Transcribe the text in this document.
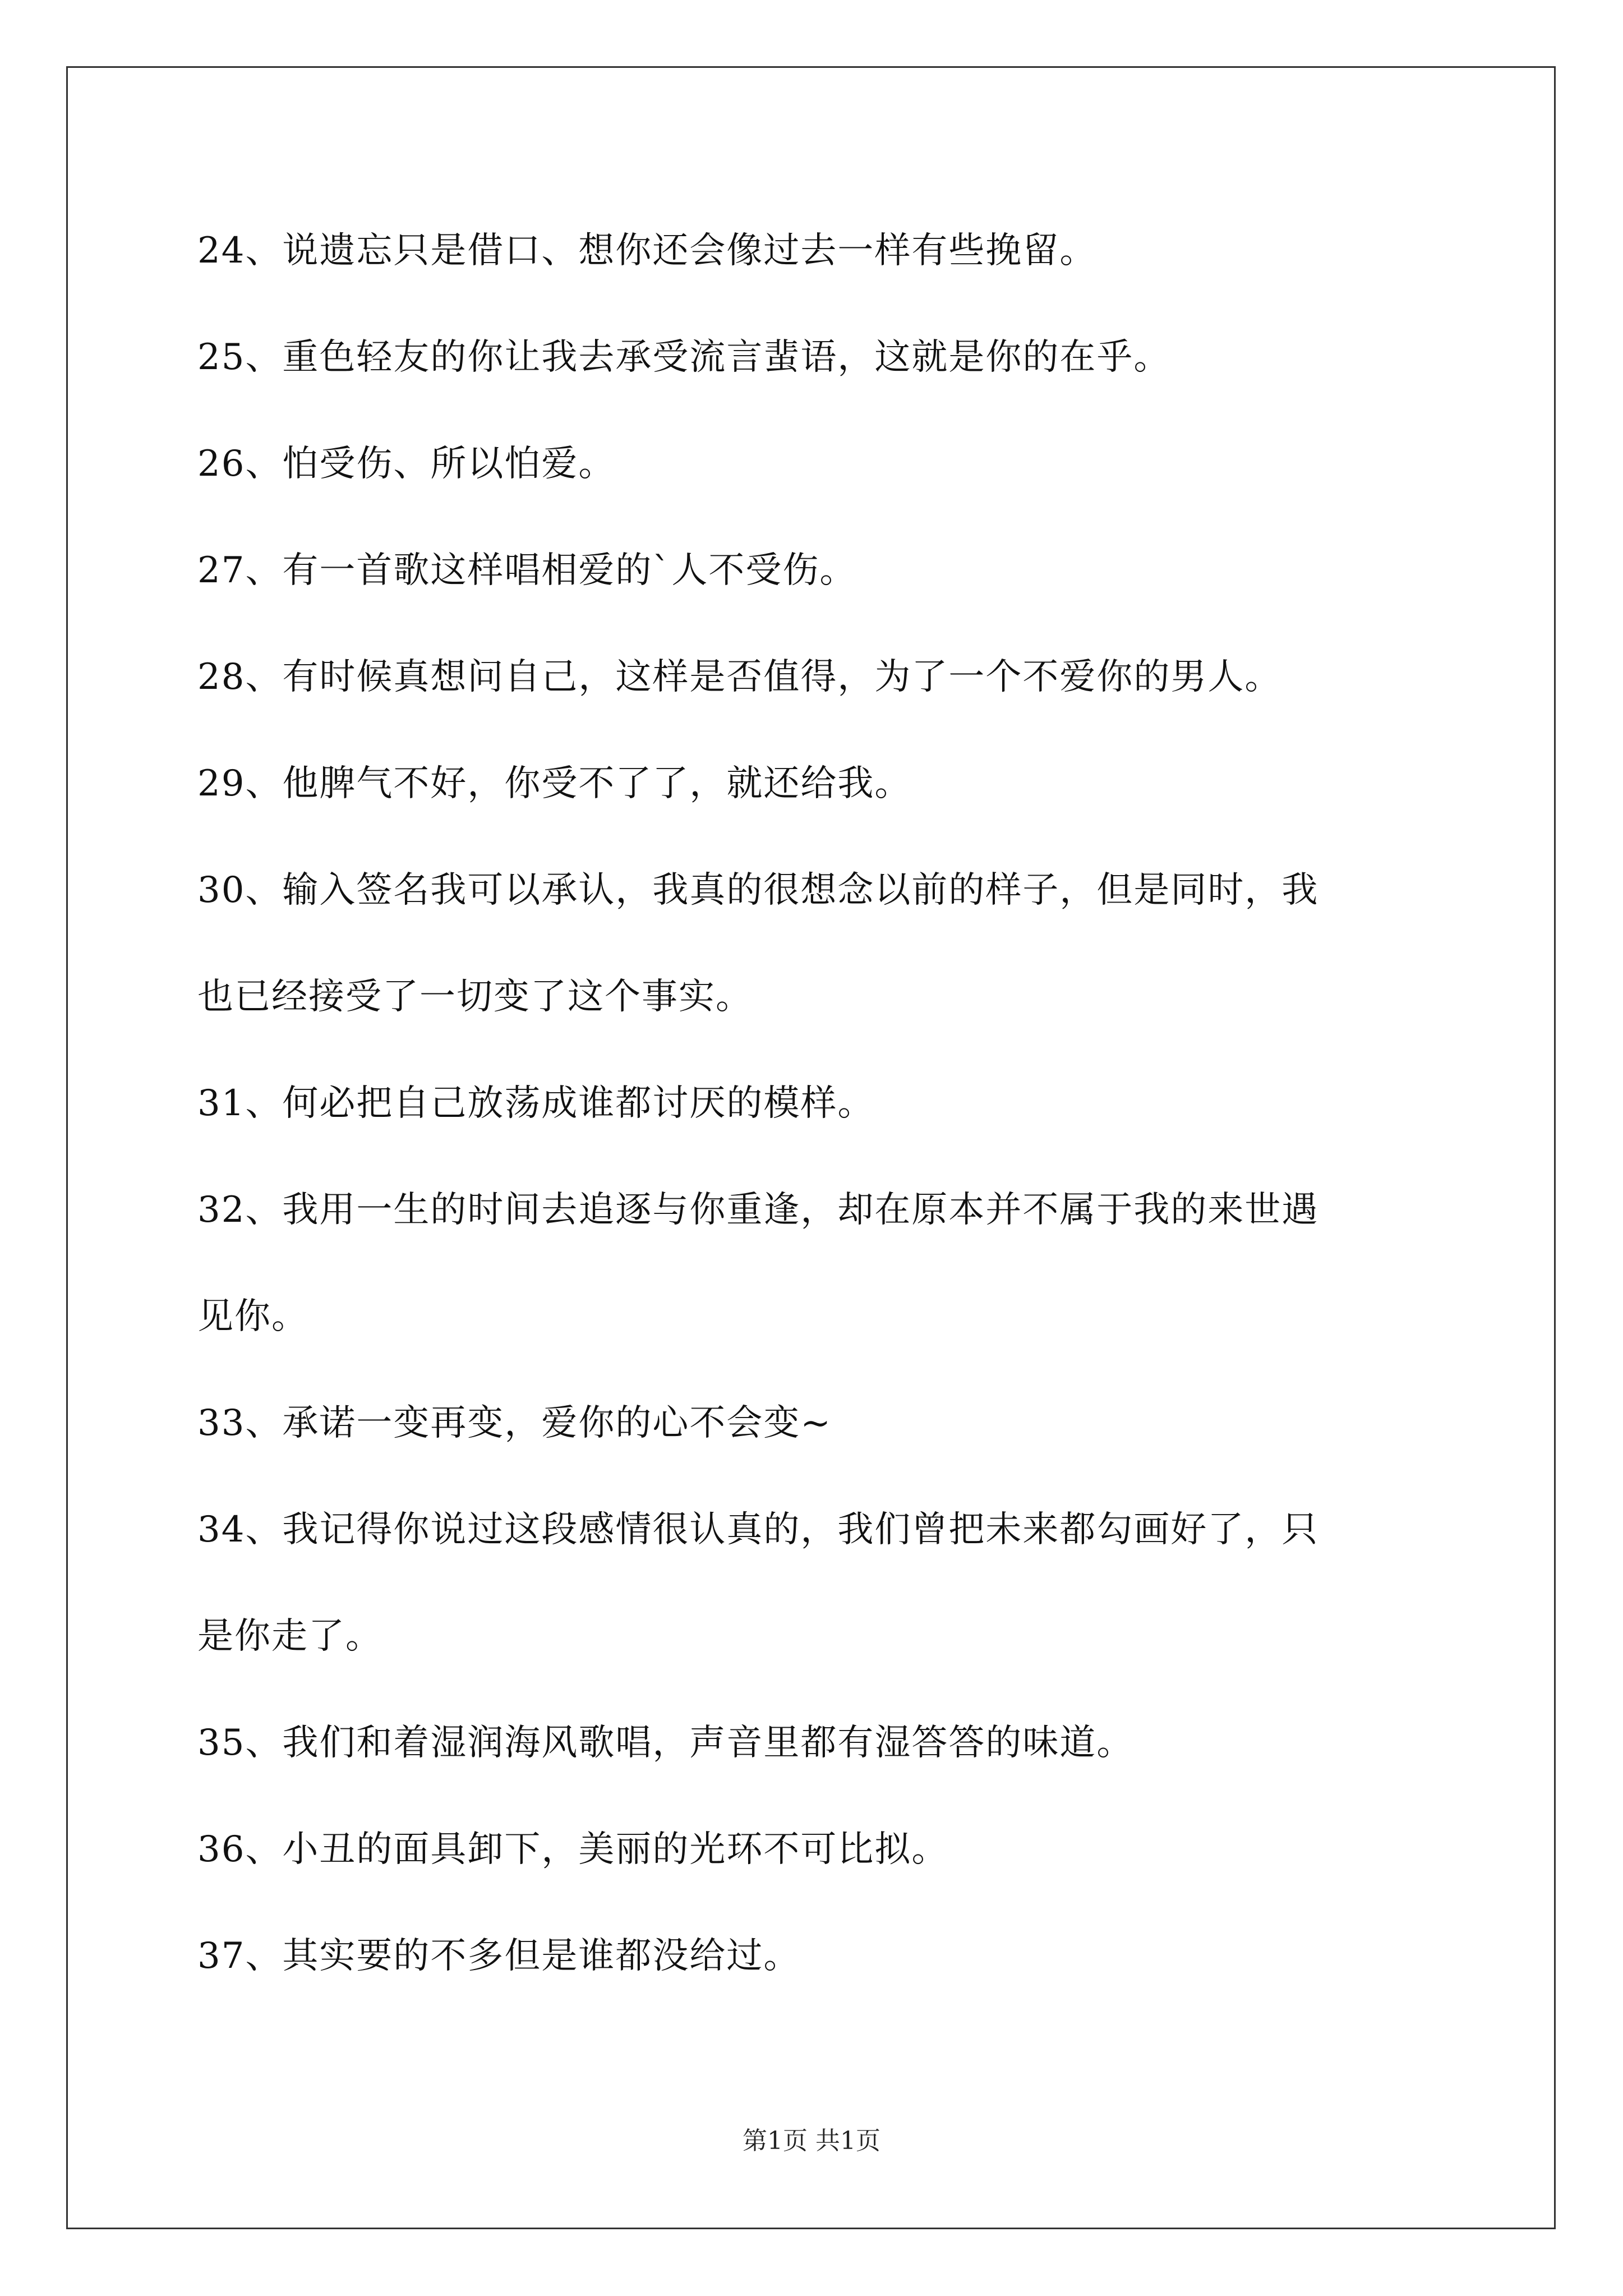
24、说遗忘只是借口、想你还会像过去一样有些挽留。
25、重色轻友的你让我去承受流言蜚语，这就是你的在乎。
26、怕受伤、所以怕爱。
27、有一首歌这样唱相爱的`人不受伤。
28、有时候真想问自己，这样是否值得，为了一个不爱你的男人。
29、他脾气不好，你受不了了，就还给我。
30、输入签名我可以承认，我真的很想念以前的样子，但是同时，我
也已经接受了一切变了这个事实。
31、何必把自己放荡成谁都讨厌的模样。
32、我用一生的时间去追逐与你重逢，却在原本并不属于我的来世遇
见你。
33、承诺一变再变，爱你的心不会变~
34、我记得你说过这段感情很认真的，我们曾把未来都勾画好了，只
是你走了。
35、我们和着湿润海风歌唱，声音里都有湿答答的味道。
36、小丑的面具卸下，美丽的光环不可比拟。
37、其实要的不多但是谁都没给过。
第1页 共1页
